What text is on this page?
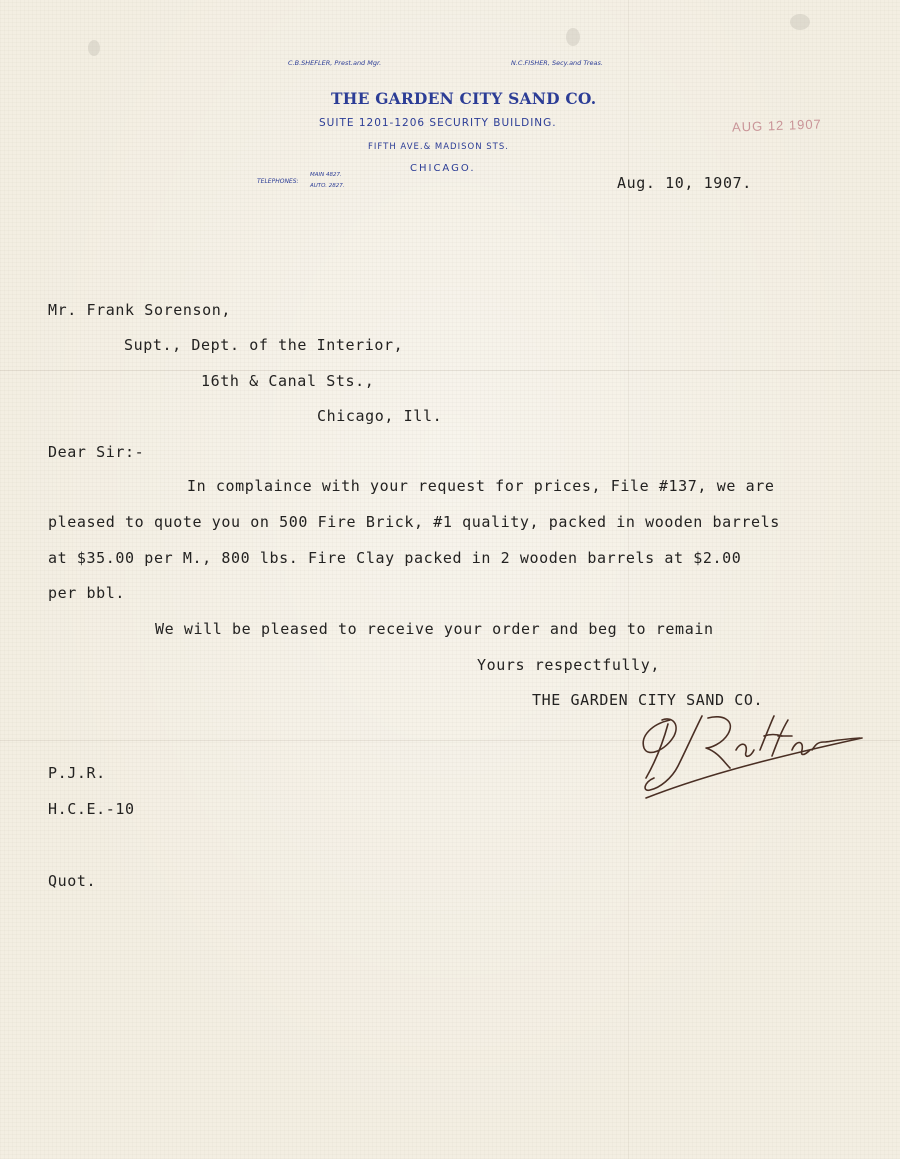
C.B.SHEFLER, Prest.and Mgr.	N.C.FISHER, Secy.and Treas.
THE GARDEN CITY SAND CO.
SUITE 1201-1206 SECURITY BUILDING.
FIFTH AVE.& MADISON STS.
CHICAGO.
TELEPHONES:
MAIN 4827.
AUTO. 2827.
AUG 12 1907
Aug. 10, 1907.
Mr. Frank Sorenson,
Supt., Dept. of the Interior,
16th & Canal Sts.,
Chicago, Ill.
Dear Sir:-
In complaince with your request for prices, File #137, we are
pleased to quote you on 500 Fire Brick, #1 quality, packed in wooden barrels
at $35.00 per M., 800 lbs. Fire Clay packed in 2 wooden barrels at $2.00
per bbl.
We will be pleased to receive your order and beg to remain
Yours respectfully,
THE GARDEN CITY SAND CO.
P.J.R.
H.C.E.-10
Quot.
